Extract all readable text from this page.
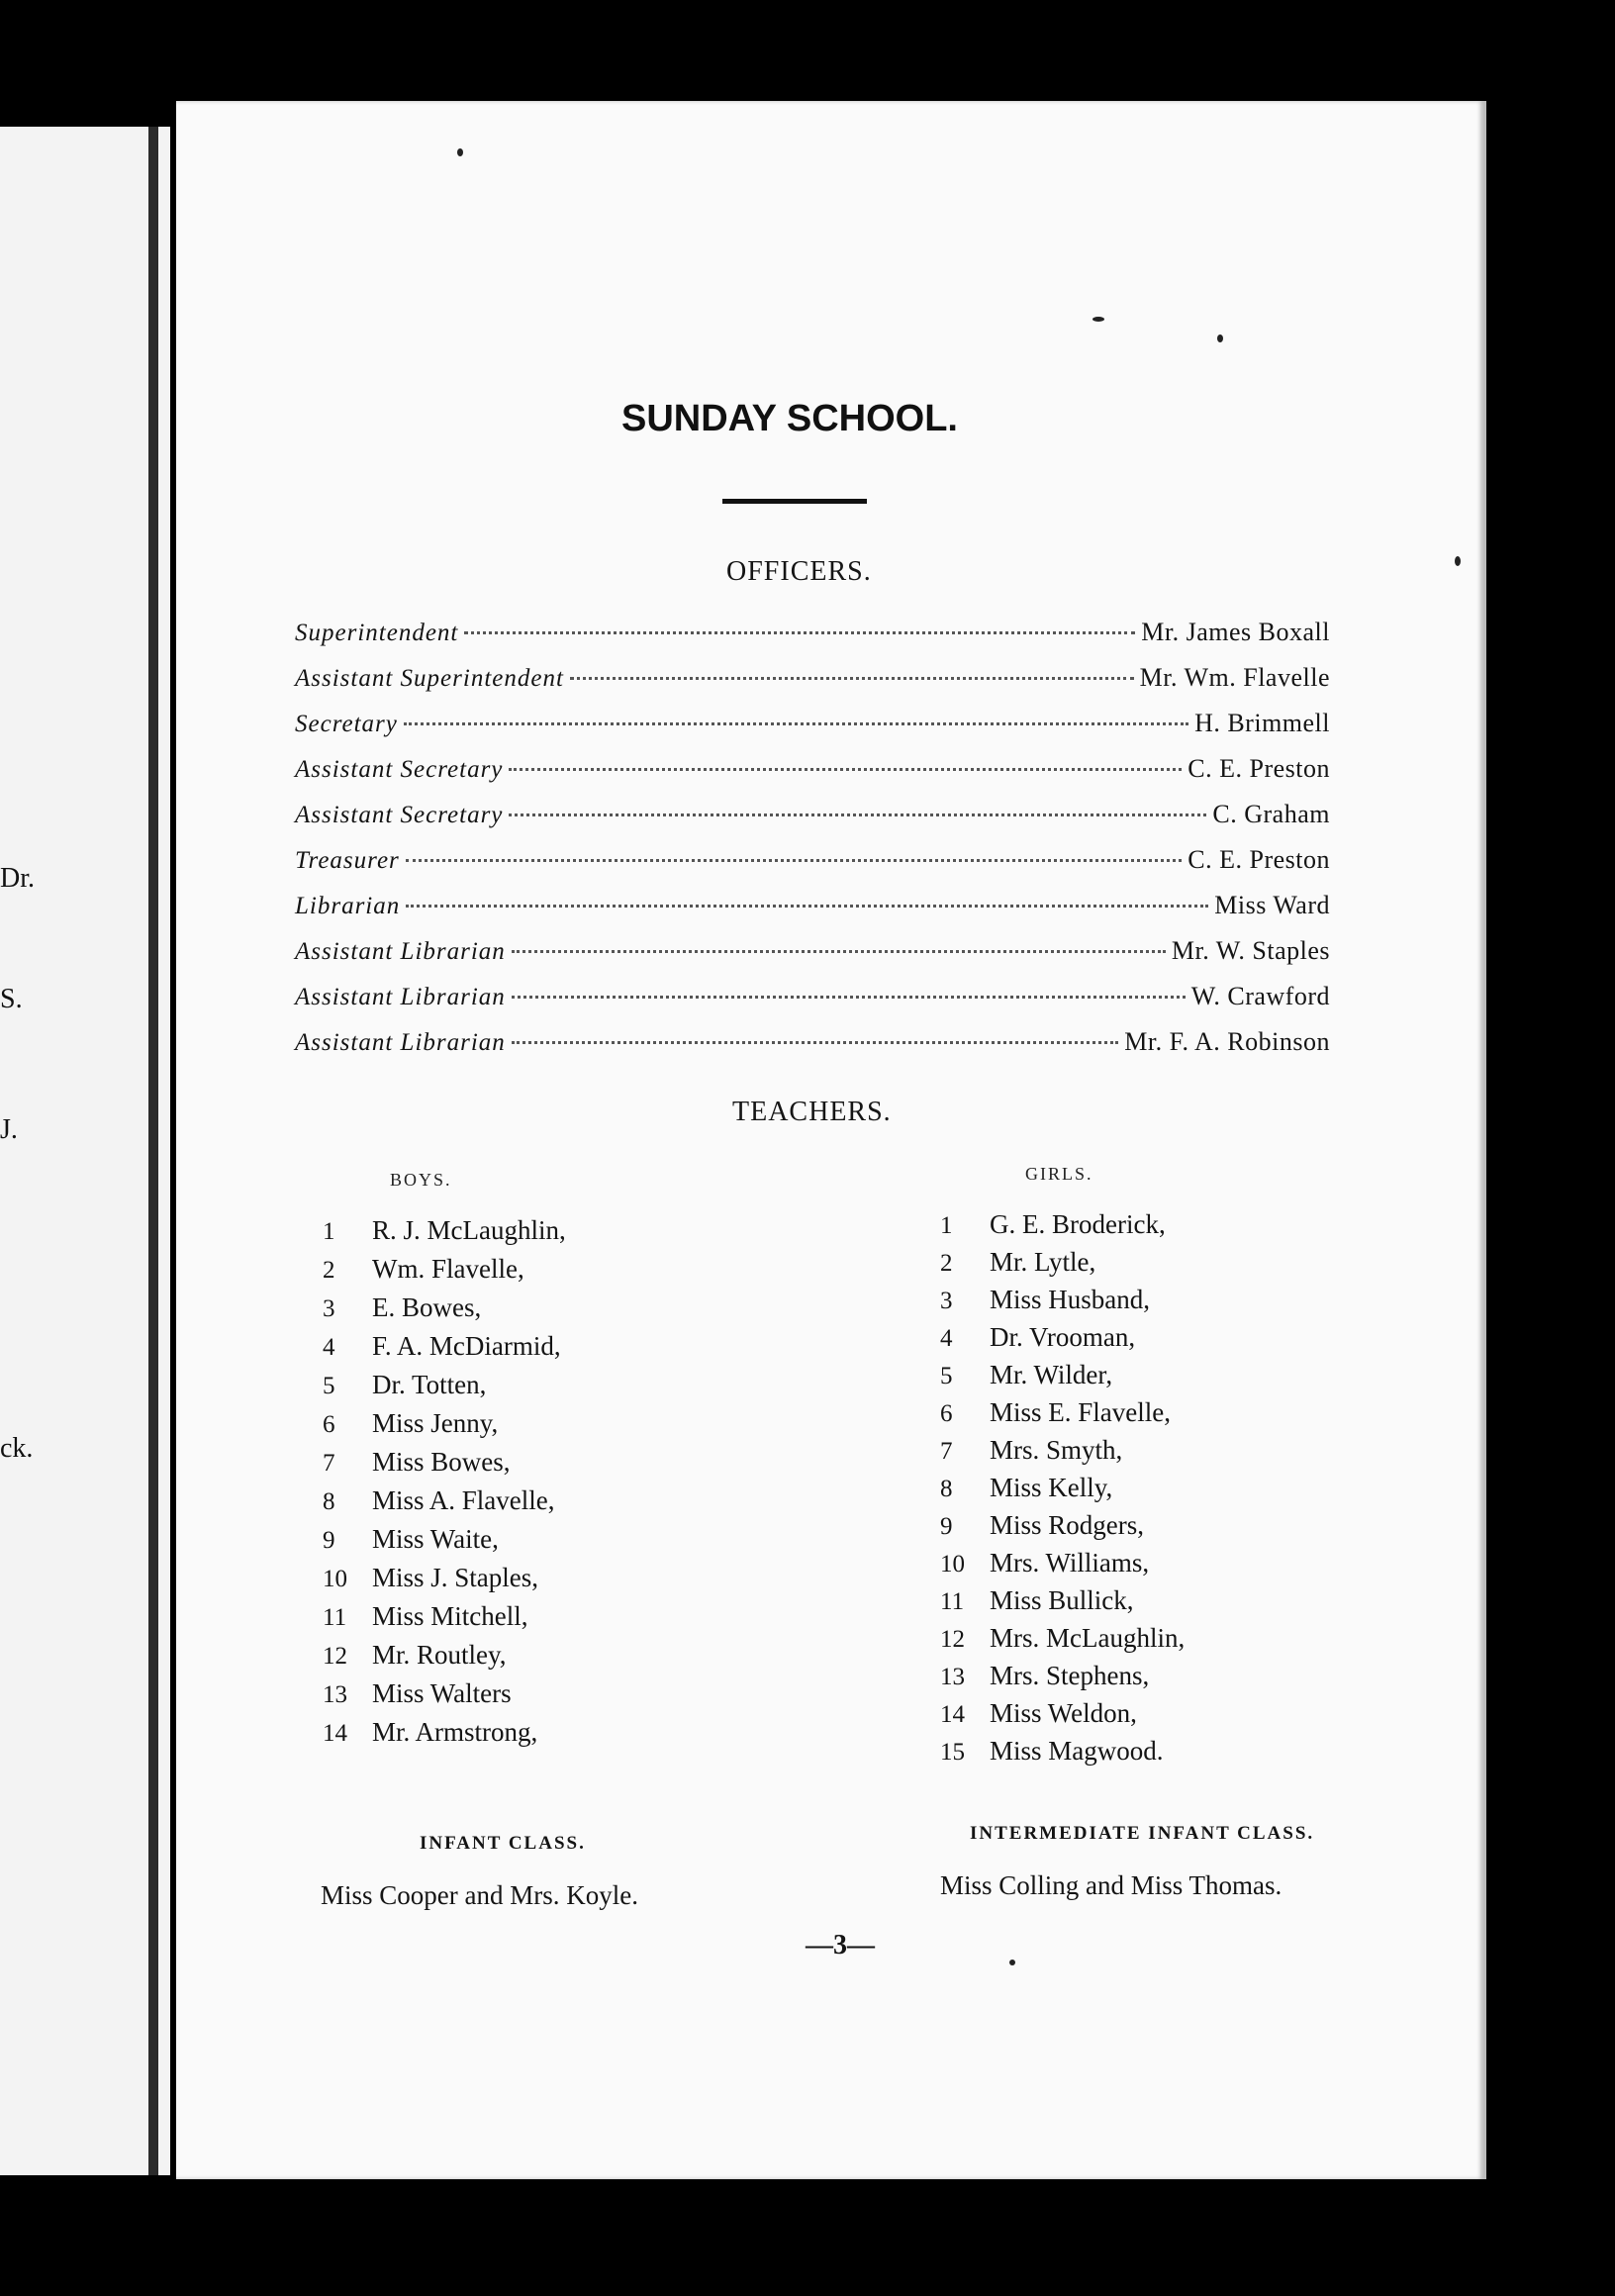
Dr.
S.
J.
ck.
SUNDAY SCHOOL.
OFFICERS.
Superintendent	Mr. James Boxall
Assistant Superintendent	Mr. Wm. Flavelle
Secretary	H. Brimmell
Assistant Secretary	C. E. Preston
Assistant Secretary	C. Graham
Treasurer	C. E. Preston
Librarian	Miss Ward
Assistant Librarian	Mr. W. Staples
Assistant Librarian	W. Crawford
Assistant Librarian	Mr. F. A. Robinson
TEACHERS.
BOYS.	GIRLS.
1 R. J. McLaughlin,
2 Wm. Flavelle,
3 E. Bowes,
4 F. A. McDiarmid,
5 Dr. Totten,
6 Miss Jenny,
7 Miss Bowes,
8 Miss A. Flavelle,
9 Miss Waite,
10 Miss J. Staples,
11 Miss Mitchell,
12 Mr. Routley,
13 Miss Walters
14 Mr. Armstrong,
1 G. E. Broderick,
2 Mr. Lytle,
3 Miss Husband,
4 Dr. Vrooman,
5 Mr. Wilder,
6 Miss E. Flavelle,
7 Mrs. Smyth,
8 Miss Kelly,
9 Miss Rodgers,
10 Mrs. Williams,
11 Miss Bullick,
12 Mrs. McLaughlin,
13 Mrs. Stephens,
14 Miss Weldon,
15 Miss Magwood.
INFANT CLASS.
Miss Cooper and Mrs. Koyle.
INTERMEDIATE INFANT CLASS.
Miss Colling and Miss Thomas.
—3—
